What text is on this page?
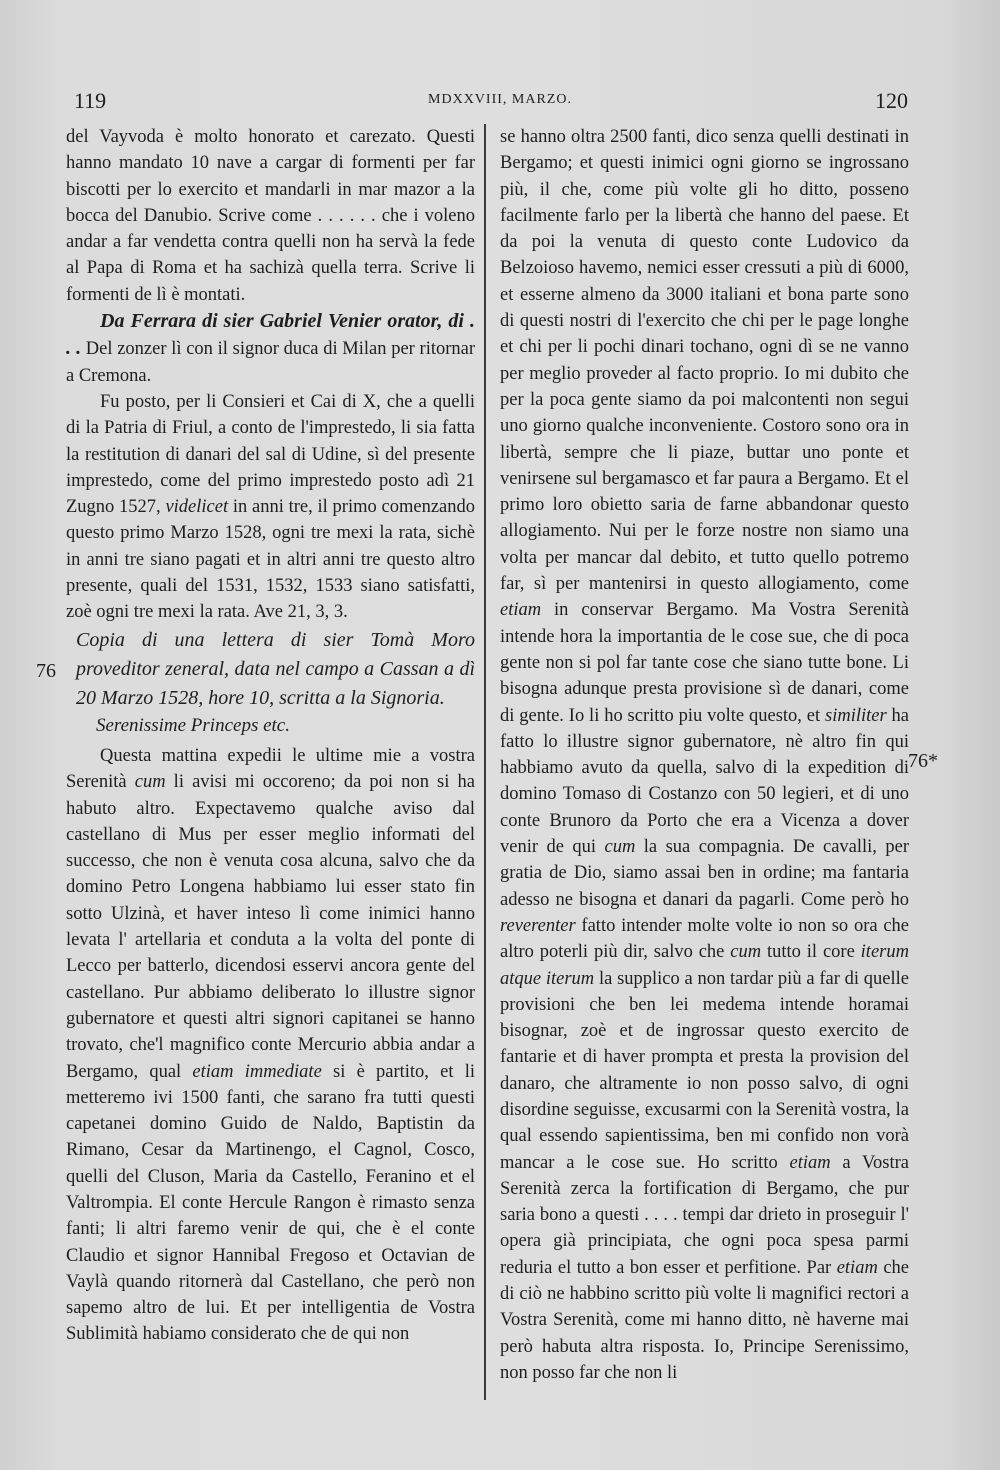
119	MDXXVIII, MARZO.	120
76
76*

del Vayvoda è molto honorato et carezato. Questi hanno mandato 10 nave a cargar di formenti per far biscotti per lo exercito et mandarli in mar mazor a la bocca del Danubio. Scrive come . . . . . . che i voleno andar a far vendetta contra quelli non ha servà la fede al Papa di Roma et ha sachizà quella terra. Scrive li formenti de lì è montati.

Da Ferrara di sier Gabriel Venier orator, di . . . Del zonzer lì con il signor duca di Milan per ritornar a Cremona.

Fu posto, per li Consieri et Cai di X, che a quelli di la Patria di Friul, a conto de l'imprestedo, li sia fatta la restitution di danari del sal di Udine, sì del presente imprestedo, come del primo imprestedo posto adì 21 Zugno 1527, videlicet in anni tre, il primo comenzando questo primo Marzo 1528, ogni tre mexi la rata, sichè in anni tre siano pagati et in altri anni tre questo altro presente, quali del 1531, 1532, 1533 siano satisfatti, zoè ogni tre mexi la rata. Ave 21, 3, 3.

Copia di una lettera di sier Tomà Moro proveditor zeneral, data nel campo a Cassan a dì 20 Marzo 1528, hore 10, scritta a la Signoria.

Serenissime Princeps etc.

Questa mattina expedii le ultime mie a vostra Serenità cum li avisi mi occoreno; da poi non si ha habuto altro. Expectavemo qualche aviso dal castellano di Mus per esser meglio informati del successo, che non è venuta cosa alcuna, salvo che da domino Petro Longena habbiamo lui esser stato fin sotto Ulzinà, et haver inteso lì come inimici hanno levata l' artellaria et conduta a la volta del ponte di Lecco per batterlo, dicendosi esservi ancora gente del castellano. Pur abbiamo deliberato lo illustre signor gubernatore et questi altri signori capitanei se hanno trovato, che'l magnifico conte Mercurio abbia andar a Bergamo, qual etiam immediate si è partito, et li metteremo ivi 1500 fanti, che sarano fra tutti questi capetanei domino Guido de Naldo, Baptistin da Rimano, Cesar da Martinengo, el Cagnol, Cosco, quelli del Cluson, Maria da Castello, Feranino et el Valtrompia. El conte Hercule Rangon è rimasto senza fanti; li altri faremo venir de qui, che è el conte Claudio et signor Hannibal Fregoso et Octavian de Vaylà quando ritornerà dal Castellano, che però non sapemo altro de lui. Et per intelligentia de Vostra Sublimità habiamo considerato che de qui non

se hanno oltra 2500 fanti, dico senza quelli destinati in Bergamo; et questi inimici ogni giorno se ingrossano più, il che, come più volte gli ho ditto, posseno facilmente farlo per la libertà che hanno del paese. Et da poi la venuta di questo conte Ludovico da Belzoioso havemo, nemici esser cressuti a più di 6000, et esserne almeno da 3000 italiani et bona parte sono di questi nostri di l'exercito che chi per le page longhe et chi per li pochi dinari tochano, ogni dì se ne vanno per meglio proveder al facto proprio. Io mi dubito che per la poca gente siamo da poi malcontenti non segui uno giorno qualche inconveniente. Costoro sono ora in libertà, sempre che li piaze, buttar uno ponte et venirsene sul bergamasco et far paura a Bergamo. Et el primo loro obietto saria de farne abbandonar questo allogiamento. Nui per le forze nostre non siamo una volta per mancar dal debito, et tutto quello potremo far, sì per mantenirsi in questo allogiamento, come etiam in conservar Bergamo. Ma Vostra Serenità intende hora la importantia de le cose sue, che di poca gente non si pol far tante cose che siano tutte bone. Li bisogna adunque presta provisione sì de danari, come di gente. Io li ho scritto piu volte questo, et similiter ha fatto lo illustre signor gubernatore, nè altro fin qui habbiamo avuto da quella, salvo di la expedition di domino Tomaso di Costanzo con 50 legieri, et di uno conte Brunoro da Porto che era a Vicenza a dover venir de qui cum la sua compagnia. De cavalli, per gratia de Dio, siamo assai ben in ordine; ma fantaria adesso ne bisogna et danari da pagarli. Come però ho reverenter fatto intender molte volte io non so ora che altro poterli più dir, salvo che cum tutto il core iterum atque iterum la supplico a non tardar più a far di quelle provisioni che ben lei medema intende horamai bisognar, zoè et de ingrossar questo exercito de fantarie et di haver prompta et presta la provision del danaro, che altramente io non posso salvo, di ogni disordine seguisse, excusarmi con la Serenità vostra, la qual essendo sapientissima, ben mi confido non vorà mancar a le cose sue. Ho scritto etiam a Vostra Serenità zerca la fortification di Bergamo, che pur saria bono a questi . . . . tempi dar drieto in proseguir l' opera già principiata, che ogni poca spesa parmi reduria el tutto a bon esser et perfitione. Par etiam che di ciò ne habbino scritto più volte li magnifici rectori a Vostra Serenità, come mi hanno ditto, nè haverne mai però habuta altra risposta. Io, Principe Serenissimo, non posso far che non li
